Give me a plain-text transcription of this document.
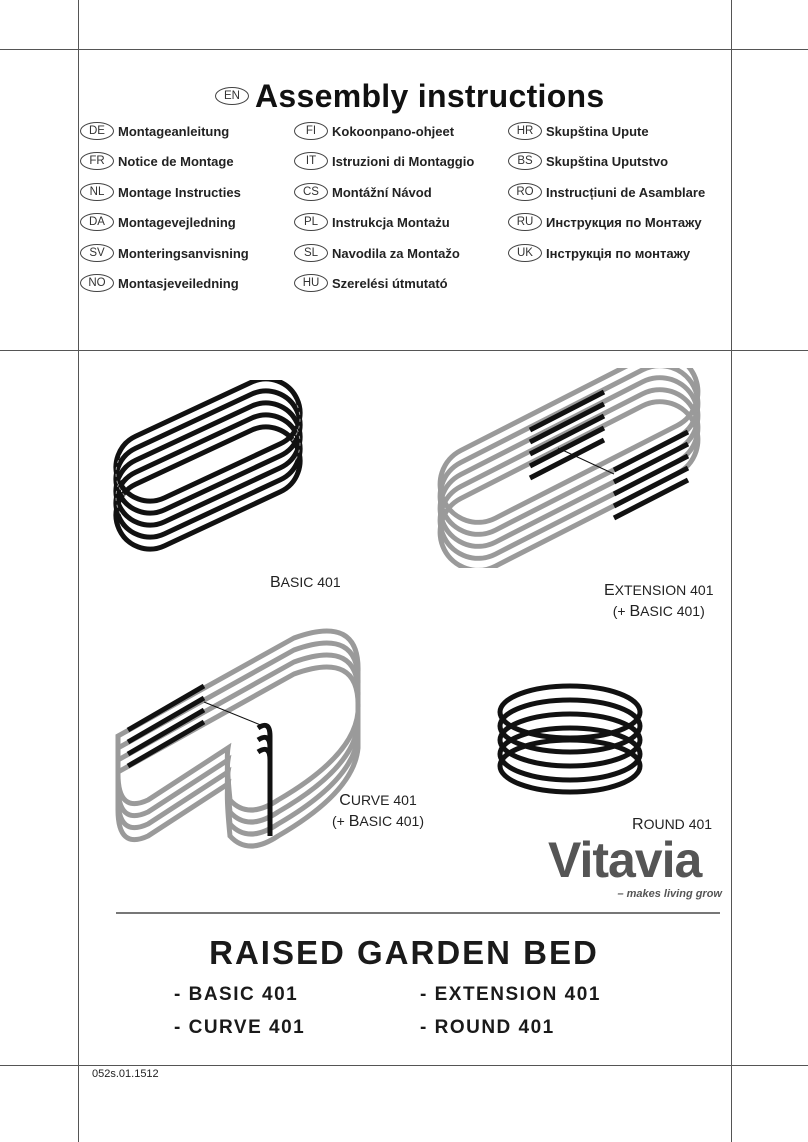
EN Assembly instructions
DE	Montageanleitung
FR	Notice de Montage
NL	Montage Instructies
DA	Montagevejledning
SV	Monteringsanvisning
NO Montasjeveiledning
FI	Kokoonpano-ohjeet
IT	Istruzioni di Montaggio
CS	Montážní Návod
PL	Instrukcja Montażu
SL	Navodila za Montažo
HU Szerelési útmutató
HR Skupština Upute
BS	Skupština Uputstvo
RO Instrucțiuni de Asamblare
RU Инструкция по Монтажу
UK	Інструкція по монтажу
BASIC 401	EXTENSION 401
(+ BASIC 401)
CURVE 401
(+ BASIC 401)	ROUND 401
Vitavia
– makes living grow
RAISED GARDEN BED
- BASIC 401	- EXTENSION 401
- CURVE 401	- ROUND 401
052s.01.1512
